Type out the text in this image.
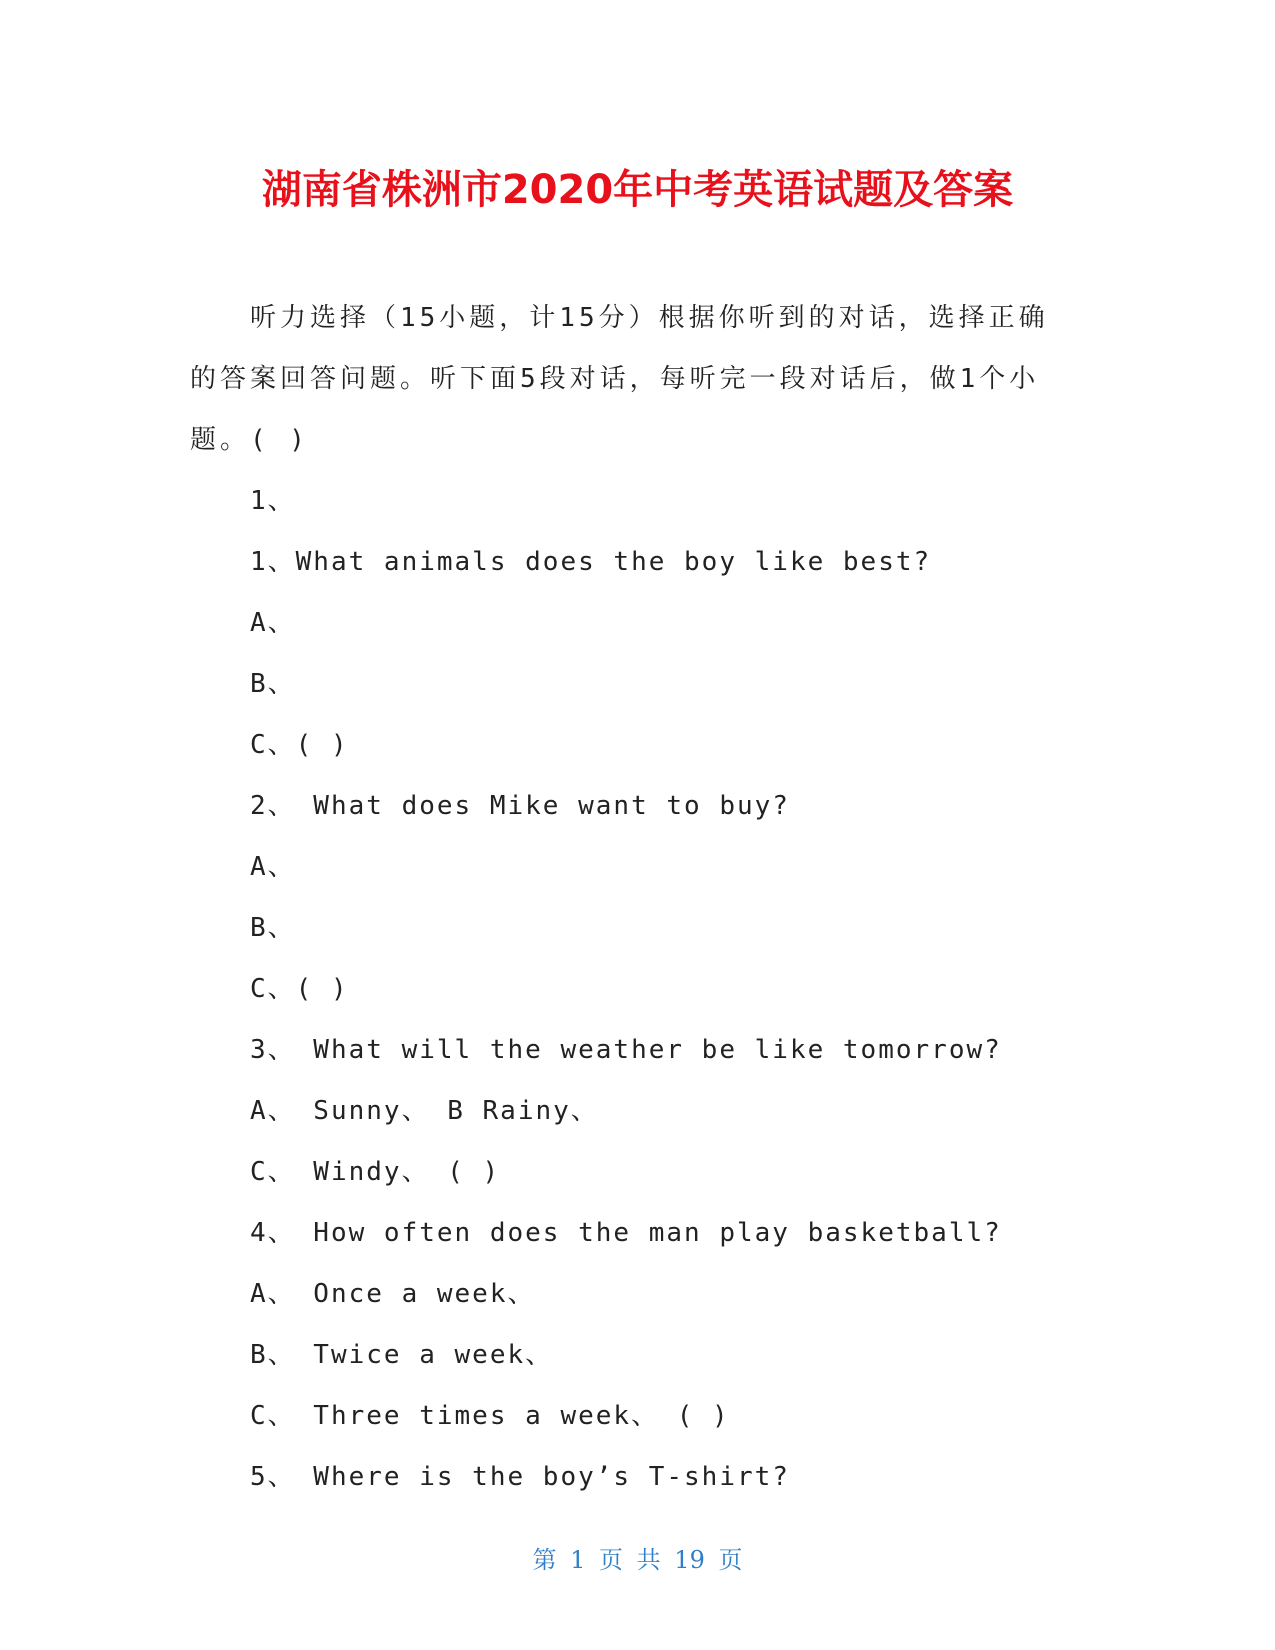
湖南省株洲市2020年中考英语试题及答案

听力选择（15小题，计15分）根据你听到的对话，选择正确的答案回答问题。听下面5段对话，每听完一段对话后，做1个小题。( )

1、

1、What animals does the boy like best?

A、

B、

C、( )

2、 What does Mike want to buy?

A、

B、

C、( )

3、 What will the weather be like tomorrow?

A、 Sunny、 B Rainy、

C、 Windy、 ( )

4、 How often does the man play basketball?

A、 Once a week、

B、 Twice a week、

C、 Three times a week、 ( )

5、 Where is the boy’s T-shirt?

第 1 页 共 19 页
